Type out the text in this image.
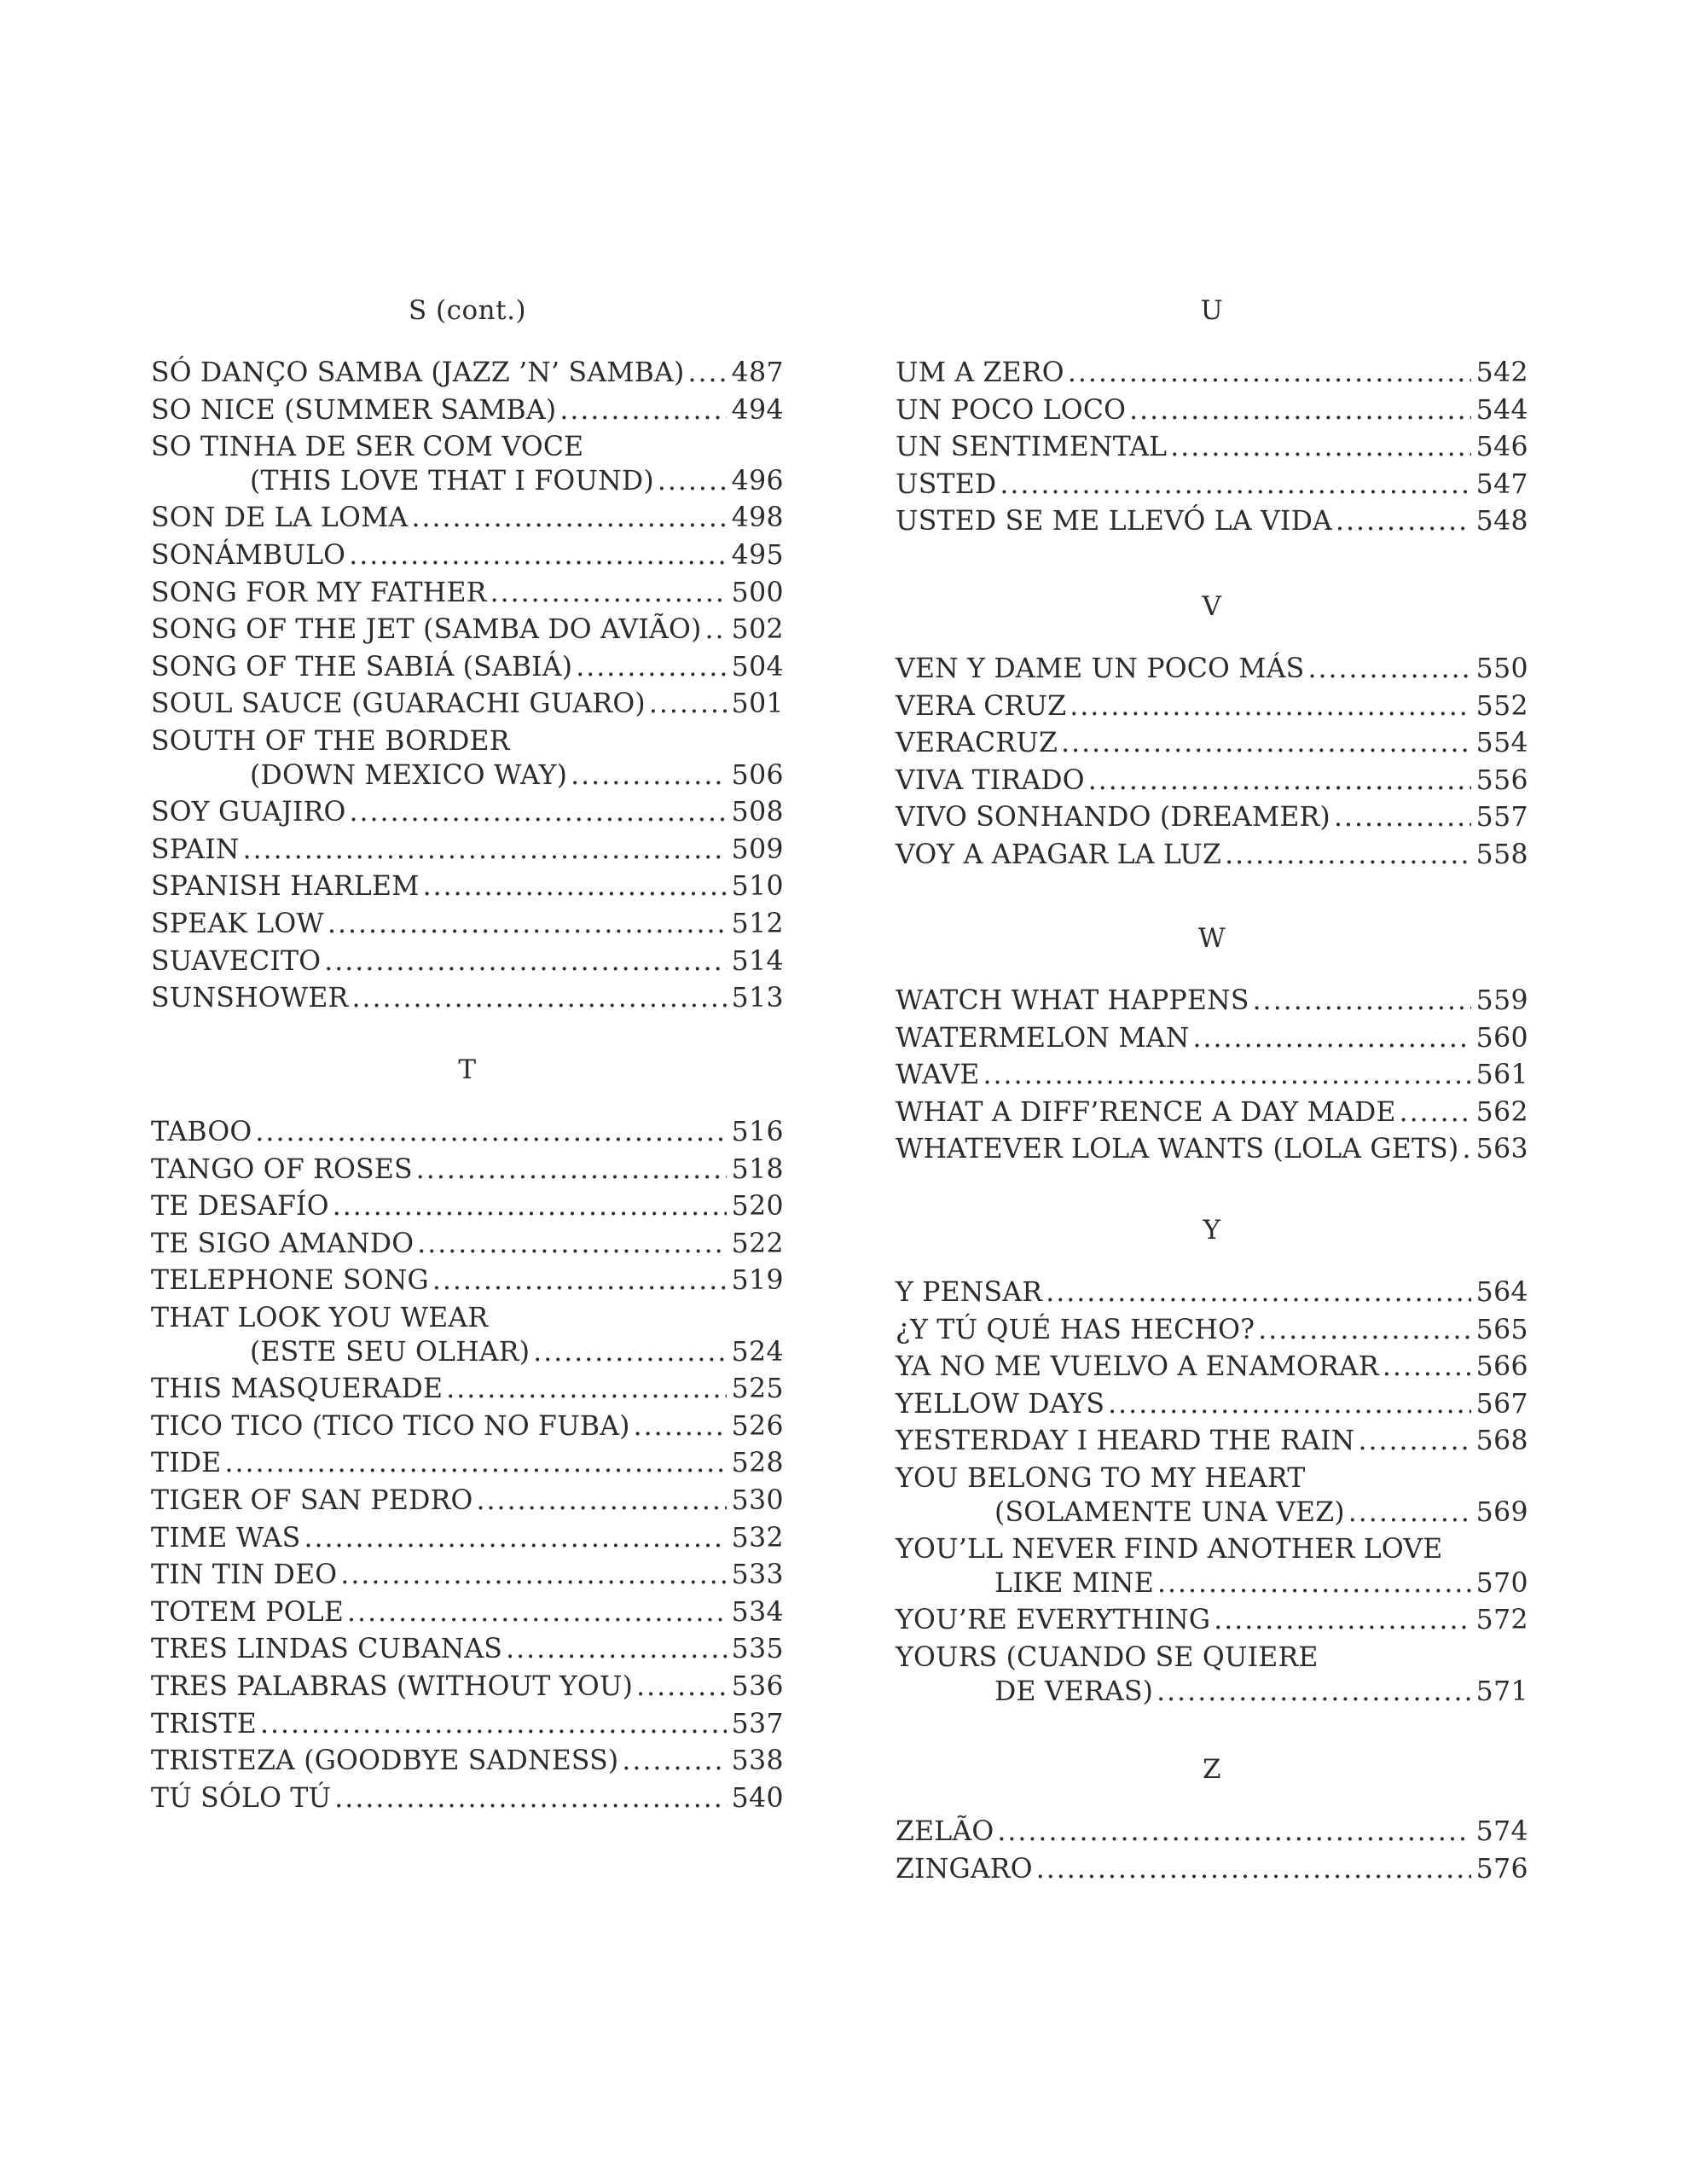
S (cont.)
SÓ DANÇO SAMBA (JAZZ ’N’ SAMBA) ..... 487
SO NICE (SUMMER SAMBA) .....	494
SO TINHA DE SER COM VOCE
(THIS LOVE THAT I FOUND) .....	496
SON DE LA LOMA .....	498
SONÁMBULO .....	495
SONG FOR MY FATHER .....	500
SONG OF THE JET (SAMBA DO AVIÃO) ..... 502
SONG OF THE SABIÁ (SABIÁ) .....	504
SOUL SAUCE (GUARACHI GUARO) .....	501
SOUTH OF THE BORDER
(DOWN MEXICO WAY) .....	506
SOY GUAJIRO .....	508
SPAIN .....	509
SPANISH HARLEM .....	510
SPEAK LOW .....	512
SUAVECITO .....	514
SUNSHOWER .....	513
T
TABOO .....	516
TANGO OF ROSES .....	518
TE DESAFÍO .....	520
TE SIGO AMANDO .....	522
TELEPHONE SONG .....	519
THAT LOOK YOU WEAR
(ESTE SEU OLHAR) .....	524
THIS MASQUERADE .....	525
TICO TICO (TICO TICO NO FUBA) .....	526
TIDE .....	528
TIGER OF SAN PEDRO .....	530
TIME WAS .....	532
TIN TIN DEO .....	533
TOTEM POLE .....	534
TRES LINDAS CUBANAS .....	535
TRES PALABRAS (WITHOUT YOU) .....	536
TRISTE .....	537
TRISTEZA (GOODBYE SADNESS) .....	538
TÚ SÓLO TÚ .....	540
U
UM A ZERO .....	542
UN POCO LOCO .....	544
UN SENTIMENTAL .....	546
USTED .....	547
USTED SE ME LLEVÓ LA VIDA .....	548
V
VEN Y DAME UN POCO MÁS .....	550
VERA CRUZ .....	552
VERACRUZ .....	554
VIVA TIRADO .....	556
VIVO SONHANDO (DREAMER) .....	557
VOY A APAGAR LA LUZ .....	558
W
WATCH WHAT HAPPENS .....	559
WATERMELON MAN .....	560
WAVE .....	561
WHAT A DIFF’RENCE A DAY MADE .....	562
WHATEVER LOLA WANTS (LOLA GETS) ..... 563
Y
Y PENSAR .....	564
¿Y TÚ QUÉ HAS HECHO? .....	565
YA NO ME VUELVO A ENAMORAR .....	566
YELLOW DAYS .....	567
YESTERDAY I HEARD THE RAIN .....	568
YOU BELONG TO MY HEART
(SOLAMENTE UNA VEZ) .....	569
YOU’LL NEVER FIND ANOTHER LOVE
LIKE MINE .....	570
YOU’RE EVERYTHING .....	572
YOURS (CUANDO SE QUIERE
DE VERAS) .....	571
Z
ZELÃO .....	574
ZINGARO .....	576
